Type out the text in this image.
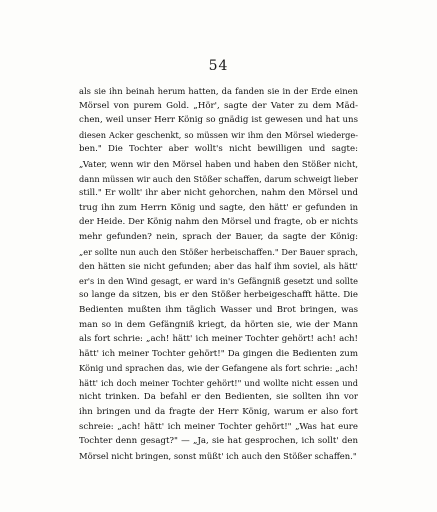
54
als sie ihn beinah herum hatten, da fanden sie in der Erde einen
Mörsel von purem Gold. „Hör', sagte der Vater zu dem Mäd-
chen, weil unser Herr König so gnädig ist gewesen und hat uns
diesen Acker geschenkt, so müssen wir ihm den Mörsel wiederge-
ben." Die Tochter aber wollt's nicht bewilligen und sagte:
„Vater, wenn wir den Mörsel haben und haben den Stößer nicht,
dann müssen wir auch den Stößer schaffen, darum schweigt lieber
still." Er wollt' ihr aber nicht gehorchen, nahm den Mörsel und
trug ihn zum Herrn König und sagte, den hätt' er gefunden in
der Heide. Der König nahm den Mörsel und fragte, ob er nichts
mehr gefunden? nein, sprach der Bauer, da sagte der König:
„er sollte nun auch den Stößer herbeischaffen." Der Bauer sprach,
den hätten sie nicht gefunden; aber das half ihm soviel, als hätt'
er's in den Wind gesagt, er ward in's Gefängniß gesetzt und sollte
so lange da sitzen, bis er den Stößer herbeigeschafft hätte. Die
Bedienten mußten ihm täglich Wasser und Brot bringen, was
man so in dem Gefängniß kriegt, da hörten sie, wie der Mann
als fort schrie: „ach! hätt' ich meiner Tochter gehört! ach! ach!
hätt' ich meiner Tochter gehört!" Da gingen die Bedienten zum
König und sprachen das, wie der Gefangene als fort schrie: „ach!
hätt' ich doch meiner Tochter gehört!" und wollte nicht essen und
nicht trinken. Da befahl er den Bedienten, sie sollten ihn vor
ihn bringen und da fragte der Herr König, warum er also fort
schreie: „ach! hätt' ich meiner Tochter gehört!" „Was hat eure
Tochter denn gesagt?" — „Ja, sie hat gesprochen, ich sollt' den
Mörsel nicht bringen, sonst müßt' ich auch den Stößer schaffen."
